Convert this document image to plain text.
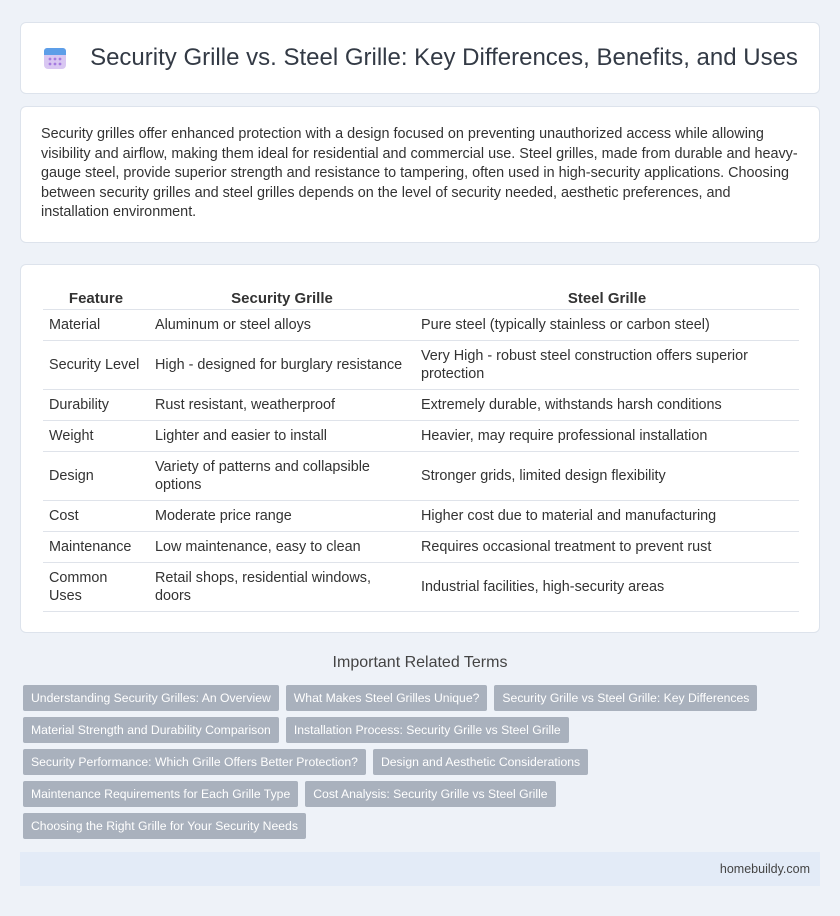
Security Grille vs. Steel Grille: Key Differences, Benefits, and Uses

Security grilles offer enhanced protection with a design focused on preventing unauthorized access while allowing visibility and airflow, making them ideal for residential and commercial use. Steel grilles, made from durable and heavy-gauge steel, provide superior strength and resistance to tampering, often used in high-security applications. Choosing between security grilles and steel grilles depends on the level of security needed, aesthetic preferences, and installation environment.

Feature	Security Grille	Steel Grille
Material	Aluminum or steel alloys	Pure steel (typically stainless or carbon steel)
Security Level	High - designed for burglary resistance	Very High - robust steel construction offers superior protection
Durability	Rust resistant, weatherproof	Extremely durable, withstands harsh conditions
Weight	Lighter and easier to install	Heavier, may require professional installation
Design	Variety of patterns and collapsible options	Stronger grids, limited design flexibility
Cost	Moderate price range	Higher cost due to material and manufacturing
Maintenance	Low maintenance, easy to clean	Requires occasional treatment to prevent rust
Common Uses	Retail shops, residential windows, doors	Industrial facilities, high-security areas
Important Related Terms
Understanding Security Grilles: An Overview	What Makes Steel Grilles Unique?	Security Grille vs Steel Grille: Key Differences
Material Strength and Durability Comparison	Installation Process: Security Grille vs Steel Grille
Security Performance: Which Grille Offers Better Protection?	Design and Aesthetic Considerations
Maintenance Requirements for Each Grille Type	Cost Analysis: Security Grille vs Steel Grille
Choosing the Right Grille for Your Security Needs
homebuildy.com
